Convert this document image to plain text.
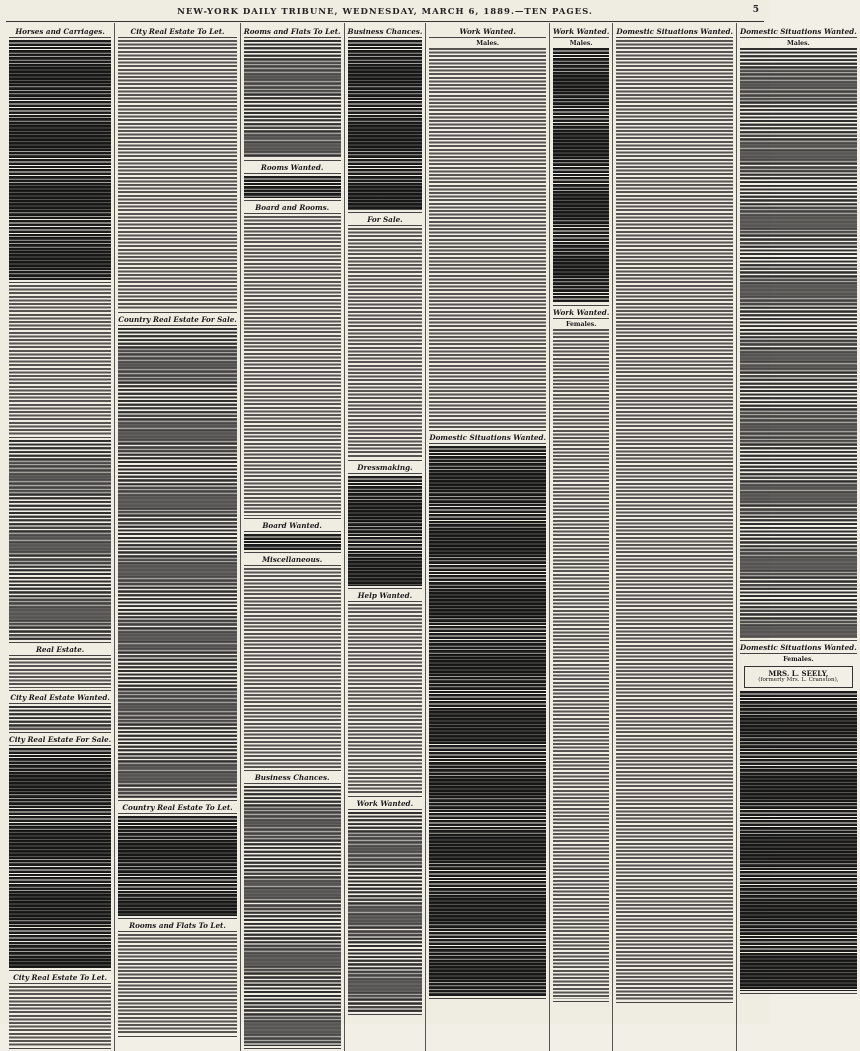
NEW-YORK DAILY TRIBUNE, WEDNESDAY, MARCH 6, 1889.—TEN PAGES.	5
Horses and Carriages.
Real Estate.
City Real Estate Wanted.
City Real Estate For Sale.
City Real Estate To Let.
City Real Estate To Let.
Country Real Estate For Sale.
Country Real Estate To Let.
Rooms and Flats To Let.
Rooms and Flats To Let.
Rooms Wanted.
Board and Rooms.
Board Wanted.
Miscellaneous.
Business Chances.
Business Chances.
For Sale.
Dressmaking.
Help Wanted.
Work Wanted.
Work Wanted.
Males.
Domestic Situations Wanted.
Work Wanted.
Males.
Work Wanted.
Females.
Domestic Situations Wanted. Domestic Situations Wanted.
Males.
Domestic Situations Wanted.
Females.
MRS. L. SEELY,
(formerly Mrs. L. Cranston),
